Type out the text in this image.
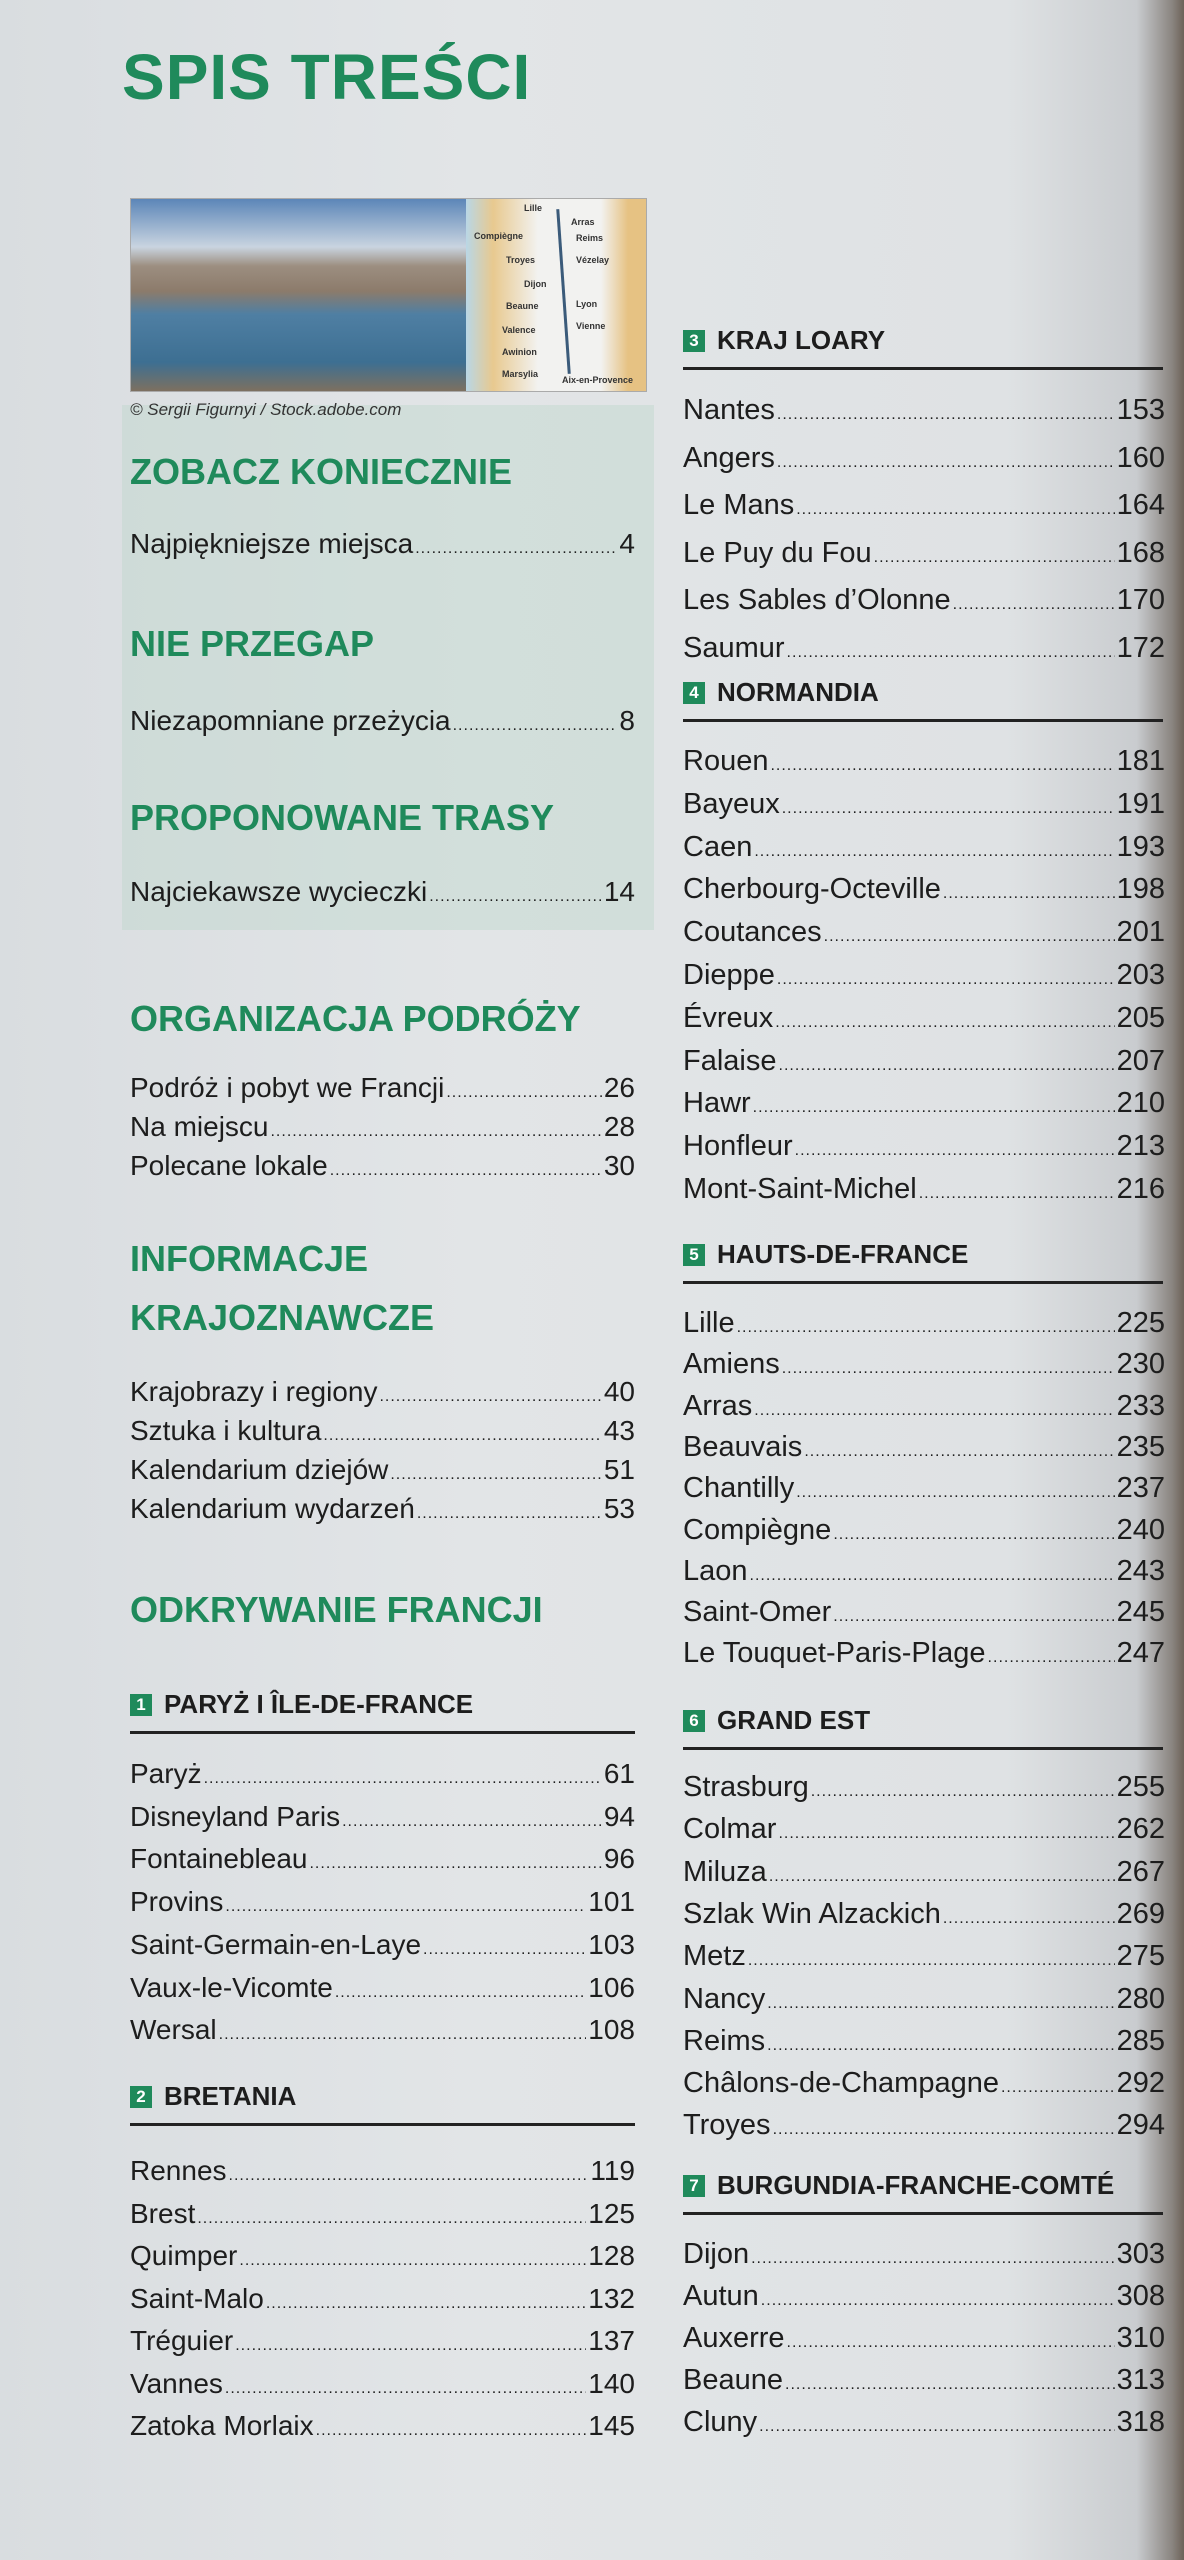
SPIS TREŚCI
Lille
Arras
Compiègne	Reims
Troyes	Vézelay
Dijon
Beaune	Lyon
Vienne
Valence
Awinion
Marsylia
Aix-en-Provence
© Sergii Figurnyi / Stock.adobe.com
ZOBACZ KONIECZNIE
Najpiękniejsze miejsca .....	4
NIE PRZEGAP
Niezapomniane przeżycia .....	8
PROPONOWANE TRASY
Najciekawsze wycieczki .....	14
ORGANIZACJA PODRÓŻY
Podróż i pobyt we Francji .....	26
Na miejscu .....	28
Polecane lokale .....	30
INFORMACJE
KRAJOZNAWCZE
Krajobrazy i regiony .....	40
Sztuka i kultura .....	43
Kalendarium dziejów .....	51
Kalendarium wydarzeń .....	53
ODKRYWANIE FRANCJI
1 PARYŻ I ÎLE-DE-FRANCE
Paryż .....	61
Disneyland Paris .....	94
Fontainebleau .....	96
Provins .....	101
Saint-Germain-en-Laye .....	103
Vaux-le-Vicomte .....	106
Wersal .....	108
2 BRETANIA
Rennes .....	119
Brest .....	125
Quimper .....	128
Saint-Malo .....	132
Tréguier .....	137
Vannes .....	140
Zatoka Morlaix .....	145
3 KRAJ LOARY
Nantes .....	153
Angers .....	160
Le Mans .....	164
Le Puy du Fou .....	168
Les Sables d’Olonne .....	170
Saumur .....	172
4 NORMANDIA
Rouen .....	181
Bayeux .....	191
Caen .....	193
Cherbourg-Octeville .....	198
Coutances .....	201
Dieppe .....	203
Évreux .....	205
Falaise .....	207
Hawr .....	210
Honfleur .....	213
Mont-Saint-Michel .....	216
5 HAUTS-DE-FRANCE
Lille .....	225
Amiens .....	230
Arras .....	233
Beauvais .....	235
Chantilly .....	237
Compiègne .....	240
Laon .....	243
Saint-Omer .....	245
Le Touquet-Paris-Plage .....	247
6 GRAND EST
Strasburg .....	255
Colmar .....	262
Miluza .....	267
Szlak Win Alzackich .....	269
Metz .....	275
Nancy .....	280
Reims .....	285
Châlons-de-Champagne .....	292
Troyes .....	294
7 BURGUNDIA-FRANCHE-COMTÉ
Dijon .....	303
Autun .....	308
Auxerre .....	310
Beaune .....	313
Cluny .....	318
